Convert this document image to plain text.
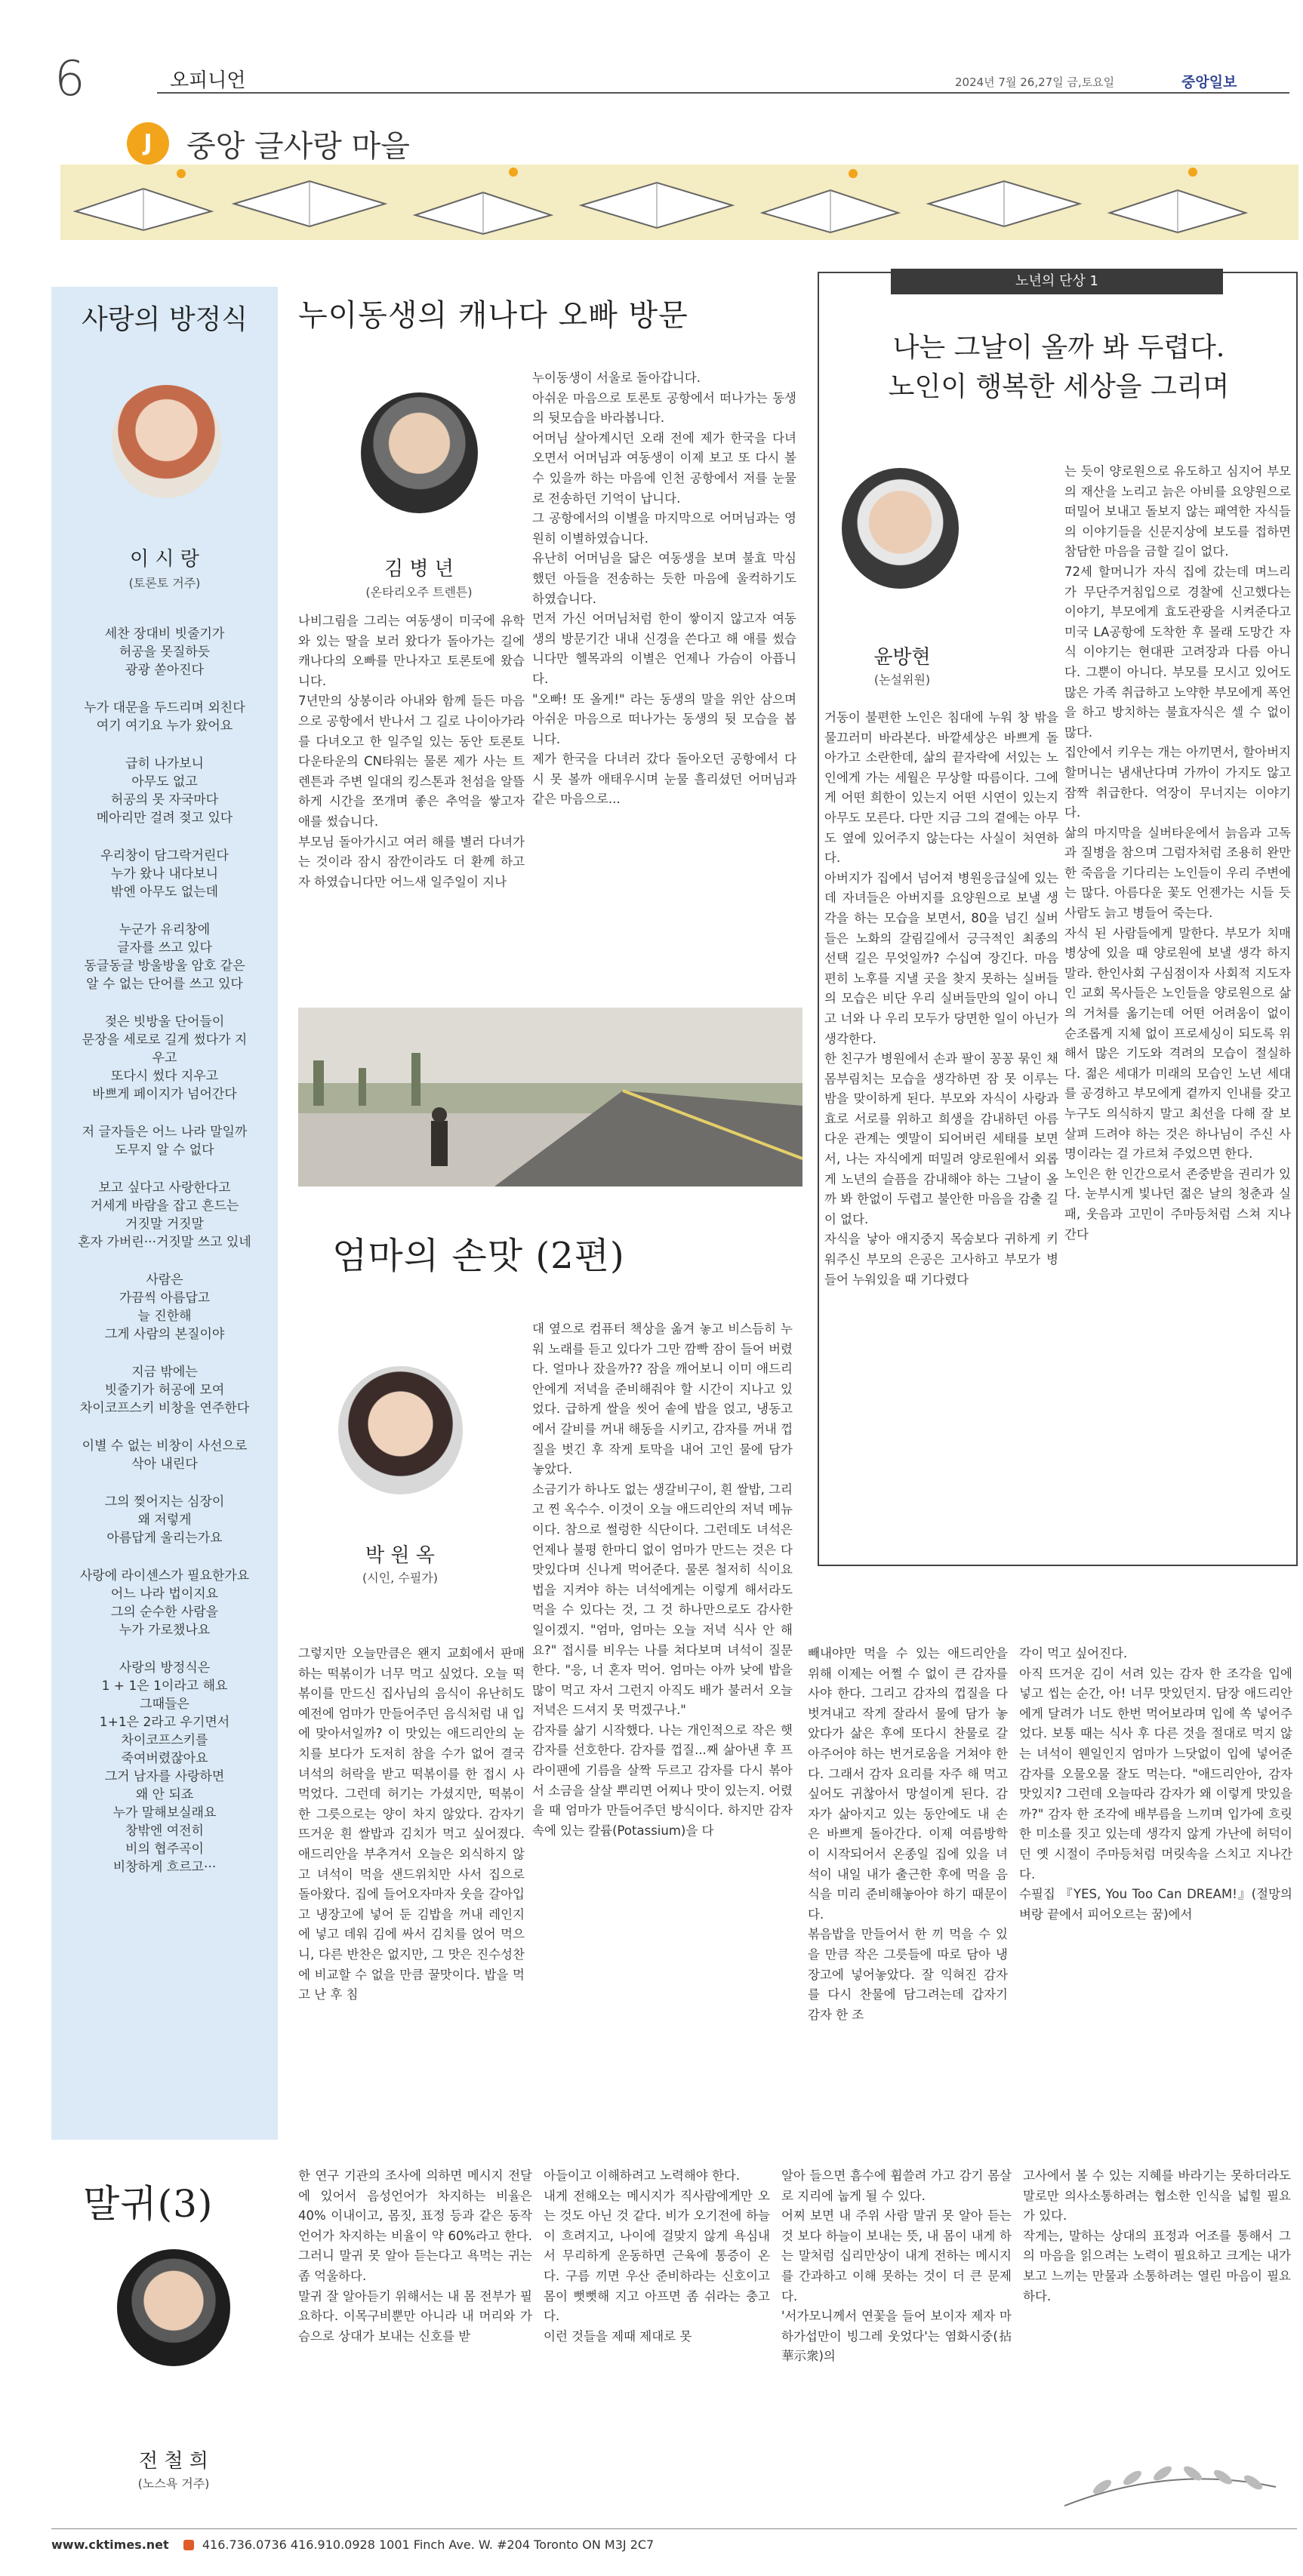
6	오피니언	2024년 7월 26,27일 금,토요일	중앙일보
J	중앙 글사랑 마을
사랑의 방정식
이 시 랑
(토론토 거주)
세찬 장대비 빗줄기가
허공을 못질하듯
광광 쏟아진다
누가 대문을 두드리며 외친다
여기 여기요 누가 왔어요
급히 나가보니
아무도 없고
허공의 못 자국마다
메아리만 걸려 젖고 있다
우리창이 담그락거린다
누가 왔나 내다보니
밖엔 아무도 없는데
누군가 유리창에
글자를 쓰고 있다
동글동글 방울방울 암호 같은
알 수 없는 단어를 쓰고 있다
젖은 빗방울 단어들이
문장을 세로로 길게 썼다가 지
우고
또다시 썼다 지우고
바쁘게 페이지가 넘어간다
저 글자들은 어느 나라 말일까
도무지 알 수 없다
보고 싶다고 사랑한다고
거세게 바람을 잡고 흔드는
거짓말 거짓말
혼자 가버린···거짓말 쓰고 있네
사람은
가끔씩 아름답고
늘 진한해
그게 사람의 본질이야
지금 밖에는
빗줄기가 허공에 모여
차이코프스키 비창을 연주한다
이별 수 없는 비창이 사선으로
삭아 내린다
그의 찢어지는 심장이
왜 저렇게
아름답게 울리는가요
사랑에 라이센스가 필요한가요
어느 나라 법이지요
그의 순수한 사람을
누가 가로챘나요
사랑의 방정식은
1 + 1은 1이라고 해요
그때들은
1+1은 2라고 우기면서
차이코프스키를
죽여버렸잖아요
그거 남자를 사랑하면
왜 안 되죠
누가 말해보실래요
창밖엔 여전히
비의 협주곡이
비창하게 흐르고···
누이동생의 캐나다 오빠 방문
김 병 년
(온타리오주 트렌튼)
나비그림을 그리는 여동생이 미국에 유학 와 있는 딸을 보러 왔다가 돌아가는 길에 캐나다의 오빠를 만나자고 토론토에 왔습니다.
7년만의 상봉이라 아내와 함께 들든 마음으로 공항에서 반나서 그 길로 나이아가라를 다녀오고 한 일주일 있는 동안 토론토 다운타운의 CN타워는 물론 제가 사는 트렌튼과 주변 일대의 킹스톤과 천섬을 알뜰하게 시간을 쪼개며 좋은 추억을 쌓고자 애를 썼습니다.
부모님 돌아가시고 여러 해를 별러 다녀가는 것이라 잠시 잠깐이라도 더 환께 하고자 하였습니다만 어느새 일주일이 지나
누이동생이 서울로 돌아갑니다.
아쉬운 마음으로 토론토 공항에서 떠나가는 동생의 뒷모습을 바라봅니다.
어머님 살아계시던 오래 전에 제가 한국을 다녀오면서 어머님과 여동생이 이제 보고 또 다시 볼 수 있을까 하는 마음에 인천 공항에서 저를 눈물로 전송하던 기억이 납니다.
그 공항에서의 이별을 마지막으로 어머님과는 영원히 이별하였습니다.
유난히 어머님을 닮은 여동생을 보며 불효 막심했던 아들을 전송하는 듯한 마음에 울컥하기도 하였습니다.
먼저 가신 어머님처럼 한이 쌓이지 않고자 여동생의 방문기간 내내 신경을 쓴다고 해 애를 썼습니다만 헬목과의 이별은 언제나 가슴이 아픕니다.
"오빠! 또 올게!" 라는 동생의 말을 위안 삼으며 아쉬운 마음으로 떠나가는 동생의 뒷 모습을 봅니다.
제가 한국을 다녀러 갔다 돌아오던 공항에서 다시 못 볼까 애태우시며 눈물 흘리셨던 어머님과 같은 마음으로...
엄마의 손맛 (2편)
박 원 옥
(시인, 수필가)
그렇지만 오늘만큼은 왠지 교회에서 판매하는 떡볶이가 너무 먹고 싶었다. 오늘 떡볶이를 만드신 집사님의 음식이 유난히도 예전에 엄마가 만들어주던 음식처럼 내 입에 맞아서일까? 이 맛있는 애드리안의 눈치를 보다가 도저히 참을 수가 없어 결국 녀석의 허락을 받고 떡볶이를 한 접시 사 먹었다. 그런데 허기는 가셨지만, 떡볶이 한 그릇으로는 양이 차지 않았다. 감자기 뜨거운 흰 쌀밥과 김치가 먹고 싶어졌다. 애드리안을 부추겨서 오늘은 외식하지 않고 녀석이 먹을 샌드위치만 사서 집으로 돌아왔다. 집에 들어오자마자 웃을 갈아입고 냉장고에 넣어 둔 김밥을 꺼내 레인지에 넣고 데워 김에 싸서 김치를 얹어 먹으니, 다른 반찬은 없지만, 그 맛은 진수성찬에 비교할 수 없을 만큼 꿀맛이다. 밥을 먹고 난 후 침
대 옆으로 컴퓨터 책상을 옮겨 놓고 비스듬히 누워 노래를 듣고 있다가 그만 깜빡 잠이 들어 버렸다. 얼마나 잤을까?? 잠을 깨어보니 이미 애드리안에게 저녁을 준비해줘야 할 시간이 지나고 있었다. 급하게 쌀을 씻어 솥에 밥을 얹고, 냉동고에서 갈비를 꺼내 해동을 시키고, 감자를 꺼내 껍질을 벗긴 후 작게 토막을 내어 고인 물에 담가 놓았다.
소금기가 하나도 없는 생갈비구이, 흰 쌀밥, 그리고 찐 옥수수. 이것이 오늘 애드리안의 저녁 메뉴이다. 참으로 썰렁한 식단이다. 그런데도 녀석은 언제나 불평 한마디 없이 엄마가 만드는 것은 다 맛있다며 신나게 먹어준다. 물론 철저히 식이요법을 지켜야 하는 녀석에게는 이렇게 해서라도 먹을 수 있다는 것, 그 것 하나만으로도 감사한 일이겠지. "엄마, 엄마는 오늘 저녁 식사 안 해요?" 접시를 비우는 나를 쳐다보며 녀석이 질문한다. "응, 너 혼자 먹어. 엄마는 아까 낮에 밥을 많이 먹고 자서 그런지 아직도 배가 불러서 오늘 저녁은 드셔지 못 먹겠구나."
감자를 삶기 시작했다. 나는 개인적으로 작은 햇감자를 선호한다. 감자를 껍질...째 삶아낸 후 프라이팬에 기름을 살짝 두르고 감자를 다시 볶아서 소금을 살살 뿌리면 어찌나 맛이 있는지. 어렸을 때 엄마가 만들어주던 방식이다. 하지만 감자 속에 있는 칼륨(Potassium)을 다
빼내야만 먹을 수 있는 애드리안을 위해 이제는 어쩔 수 없이 큰 감자를 사야 한다. 그리고 감자의 껍질을 다 벗겨내고 작게 잘라서 물에 담가 놓았다가 삶은 후에 또다시 찬물로 갈아주어야 하는 번거로움을 거쳐야 한다. 그래서 감자 요리를 자주 해 먹고 싶어도 귀찮아서 망설이게 된다. 감자가 삶아지고 있는 동안에도 내 손은 바쁘게 돌아간다. 이제 여름방학이 시작되어서 온종일 집에 있을 녀석이 내일 내가 출근한 후에 먹을 음식을 미리 준비해놓아야 하기 때문이다.
볶음밥을 만들어서 한 끼 먹을 수 있을 만큼 작은 그릇들에 따로 담아 냉장고에 넣어놓았다. 잘 익혀진 감자를 다시 찬물에 담그려는데 갑자기 감자 한 조
각이 먹고 싶어진다.
아직 뜨거운 김이 서려 있는 감자 한 조각을 입에 넣고 씹는 순간, 아! 너무 맛있던지. 담장 애드리안에게 달려가 너도 한번 먹어보라며 입에 쏙 넣어주었다. 보통 때는 식사 후 다른 것을 절대로 먹지 않는 녀석이 웬일인지 엄마가 느닷없이 입에 넣어준 감자를 오물오물 잘도 먹는다. "애드리안아, 감자 맛있지? 그런데 오늘따라 감자가 왜 이렇게 맛있을까?" 감자 한 조각에 배부름을 느끼며 입가에 흐릿한 미소를 짓고 있는데 생각지 않게 가난에 허덕이던 옛 시절이 주마등처럼 머릿속을 스치고 지나간다.
수필집 『YES, You Too Can DREAM!』(절망의 벼랑 끝에서 피어오르는 꿈)에서
노년의 단상 1
나는 그날이 올까 봐 두렵다.
노인이 행복한 세상을 그리며
윤방현
(논설위원)
거동이 불편한 노인은 침대에 누워 창 밖을 물끄러미 바라본다. 바깥세상은 바쁘게 돌아가고 소란한데, 삶의 끝자락에 서있는 노인에게 가는 세월은 무상할 따름이다. 그에게 어떤 희한이 있는지 어떤 시연이 있는지 아무도 모른다. 다만 지금 그의 곁에는 아무도 옆에 있어주지 않는다는 사실이 처연하다.
아버지가 집에서 넘어져 병원응급실에 있는데 자녀들은 아버지를 요양원으로 보낼 생각을 하는 모습을 보면서, 80을 넘긴 실버들은 노화의 갈림길에서 긍극적인 최종의 선택 길은 무엇일까? 수십여 장긴다. 마음 편히 노후를 지낼 곳을 찾지 못하는 실버들의 모습은 비단 우리 실버들만의 일이 아니고 너와 나 우리 모두가 당면한 일이 아닌가 생각한다.
한 친구가 병원에서 손과 팔이 꽁꽁 묶인 채 몸부림치는 모습을 생각하면 잠 못 이루는 밤을 맞이하게 된다. 부모와 자식이 사랑과 효로 서로를 위하고 희생을 감내하던 아름다운 관계는 옛말이 되어버린 세태를 보면서, 나는 자식에게 떠밀려 양로원에서 외롭게 노년의 슬픔을 감내해야 하는 그날이 올까 봐 한없이 두렵고 불안한 마음을 감출 길이 없다.
자식을 낳아 애지중지 목숨보다 귀하게 키워주신 부모의 은공은 고사하고 부모가 병들어 누워있을 때 기다렸다
는 듯이 양로원으로 유도하고 심지어 부모의 재산을 노리고 늙은 아비를 요양원으로 떠밀어 보내고 돌보지 않는 패역한 자식들의 이야기들을 신문지상에 보도를 접하면 참담한 마음을 금할 길이 없다.
72세 할머니가 자식 집에 갔는데 며느리가 무단주거침입으로 경찰에 신고했다는 이야기, 부모에게 효도관광을 시켜준다고 미국 LA공항에 도착한 후 몰래 도망간 자식 이야기는 현대판 고려장과 다름 아니다. 그뿐이 아니다. 부모를 모시고 있어도 많은 가족 취급하고 노약한 부모에게 폭언을 하고 방치하는 불효자식은 셀 수 없이 많다.
집안에서 키우는 개는 아끼면서, 할아버지 할머니는 냄새난다며 가까이 가지도 않고 잠짝 취급한다. 억장이 무너지는 이야기다.
삶의 마지막을 실버타운에서 늙음과 고독과 질병을 참으며 그럼자처럼 조용히 완만한 죽음을 기다리는 노인들이 우리 주변에는 많다. 아름다운 꽃도 언젠가는 시들 듯 사람도 늙고 병들어 죽는다.
자식 된 사람들에게 말한다. 부모가 치매병상에 있을 때 양로원에 보낼 생각 하지 말라. 한인사회 구심점이자 사회적 지도자인 교회 목사들은 노인들을 양로원으로 삶의 거처를 옮기는데 어떤 어려움이 없이 순조롭게 지체 없이 프로세싱이 되도록 위해서 많은 기도와 격려의 모습이 절실하다. 젊은 세대가 미래의 모습인 노년 세대를 공경하고 부모에게 곁까지 인내를 갖고 누구도 의식하지 말고 최선을 다해 잘 보살펴 드려야 하는 것은 하나님이 주신 사명이라는 걸 가르쳐 주었으면 한다.
노인은 한 인간으로서 존중받을 권리가 있다. 눈부시게 빛나던 젊은 날의 청춘과 실패, 웃음과 고민이 주마등처럼 스쳐 지나간다
말귀(3)
전 철 희
(노스욕 거주)
한 연구 기관의 조사에 의하면 메시지 전달에 있어서 음성언어가 차지하는 비율은 40% 이내이고, 몸짓, 표정 등과 같은 동작 언어가 차지하는 비율이 약 60%라고 한다. 그러니 말귀 못 알아 듣는다고 욕먹는 귀는 좀 억울하다.
말귀 잘 알아듣기 위해서는 내 몸 전부가 필요하다. 이목구비뿐만 아니라 내 머리와 가슴으로 상대가 보내는 신호를 받
아들이고 이해하려고 노력해야 한다.
내게 전해오는 메시지가 직사람에게만 오는 것도 아닌 것 같다. 비가 오기전에 하늘이 흐려지고, 나이에 걸맞지 않게 욕심내서 무리하게 운동하면 근육에 통증이 온다. 구름 끼면 우산 준비하라는 신호이고 몸이 뻣뻣해 지고 아프면 좀 쉬라는 충고다.
이런 것들을 제때 제대로 못
알아 들으면 흠수에 휩쓸려 가고 감기 몸살로 지리에 눕게 될 수 있다.
어찌 보면 내 주위 사람 말귀 못 알아 듣는 것 보다 하늘이 보내는 뜻, 내 몸이 내게 하는 말처럼 십리만상이 내게 전하는 메시지를 간과하고 이해 못하는 것이 더 큰 문제다.
'서가모니께서 연꽃을 들어 보이자 제자 마하가섭만이 빙그레 웃었다'는 염화시중(拈華示衆)의
고사에서 볼 수 있는 지혜를 바라기는 못하더라도 말로만 의사소통하려는 협소한 인식을 넓힐 필요가 있다.
작게는, 말하는 상대의 표정과 어조를 통해서 그의 마음을 읽으려는 노력이 필요하고 크게는 내가 보고 느끼는 만물과 소통하려는 열린 마음이 필요하다.
www.cktimes.net	416.736.0736 416.910.0928 1001 Finch Ave. W. #204 Toronto ON M3J 2C7
